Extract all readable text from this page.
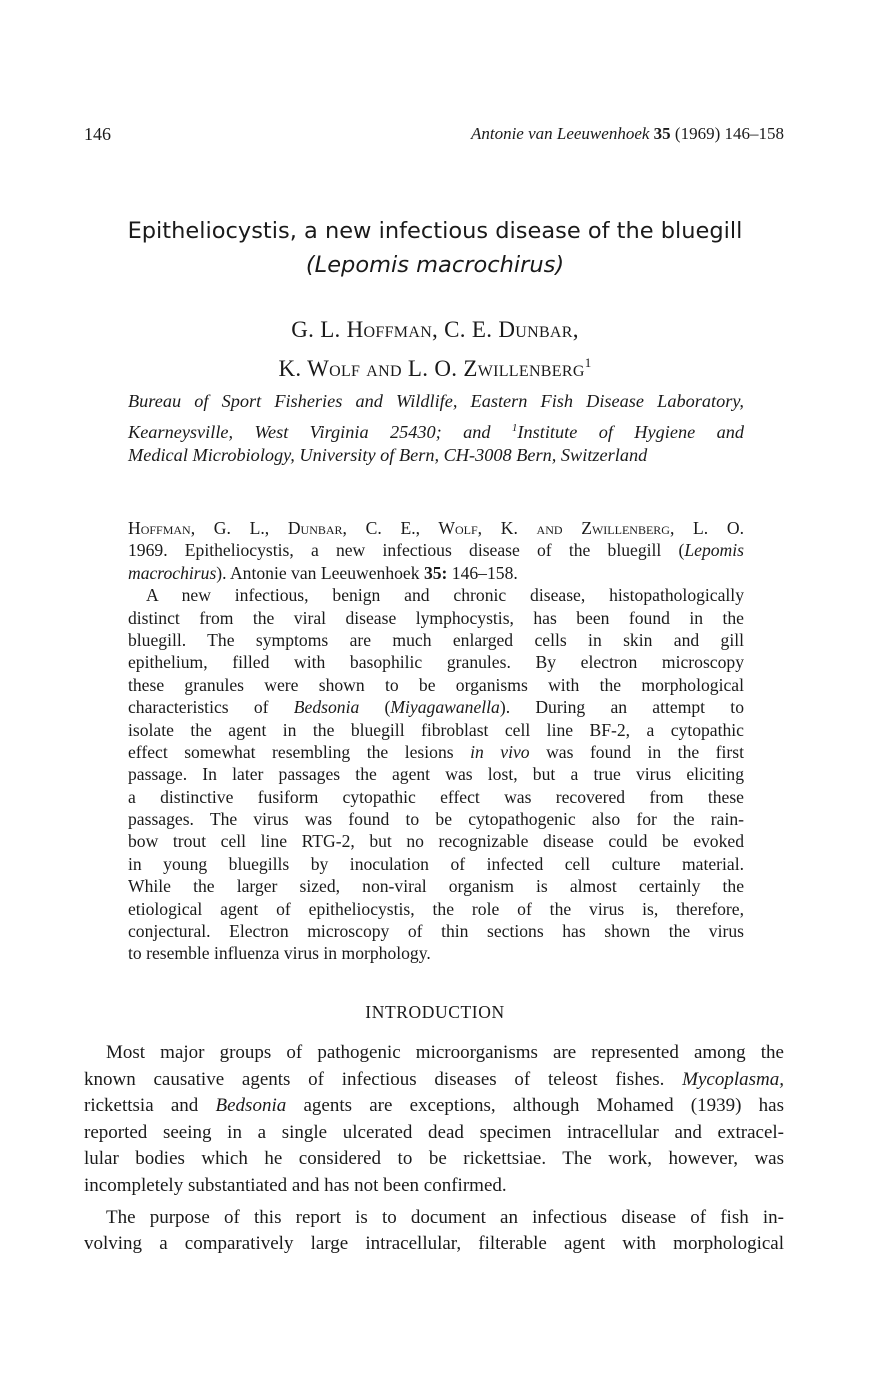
146	Antonie van Leeuwenhoek 35 (1969) 146–158
Epitheliocystis, a new infectious disease of the bluegill
(Lepomis macrochirus)
G. L. Hoffman, C. E. Dunbar,
K. Wolf and L. O. Zwillenberg$^1$
Bureau of Sport Fisheries and Wildlife, Eastern Fish Disease Laboratory,
Kearneysville, West Virginia 25430; and $^1$Institute of Hygiene and
Medical Microbiology, University of Bern, CH-3008 Bern, Switzerland
Hoffman, G. L., Dunbar, C. E., Wolf, K. and Zwillenberg, L. O.
1969. Epitheliocystis, a new infectious disease of the bluegill (Lepomis
macrochirus). Antonie van Leeuwenhoek 35: 146–158.
A new infectious, benign and chronic disease, histopathologically
distinct from the viral disease lymphocystis, has been found in the
bluegill. The symptoms are much enlarged cells in skin and gill
epithelium, filled with basophilic granules. By electron microscopy
these granules were shown to be organisms with the morphological
characteristics of Bedsonia (Miyagawanella). During an attempt to
isolate the agent in the bluegill fibroblast cell line BF-2, a cytopathic
effect somewhat resembling the lesions in vivo was found in the first
passage. In later passages the agent was lost, but a true virus eliciting
a distinctive fusiform cytopathic effect was recovered from these
passages. The virus was found to be cytopathogenic also for the rain-
bow trout cell line RTG-2, but no recognizable disease could be evoked
in young bluegills by inoculation of infected cell culture material.
While the larger sized, non-viral organism is almost certainly the
etiological agent of epitheliocystis, the role of the virus is, therefore,
conjectural. Electron microscopy of thin sections has shown the virus
to resemble influenza virus in morphology.
INTRODUCTION
Most major groups of pathogenic microorganisms are represented among the
known causative agents of infectious diseases of teleost fishes. Mycoplasma,
rickettsia and Bedsonia agents are exceptions, although Mohamed (1939) has
reported seeing in a single ulcerated dead specimen intracellular and extracel-
lular bodies which he considered to be rickettsiae. The work, however, was
incompletely substantiated and has not been confirmed.
The purpose of this report is to document an infectious disease of fish in-
volving a comparatively large intracellular, filterable agent with morphological
